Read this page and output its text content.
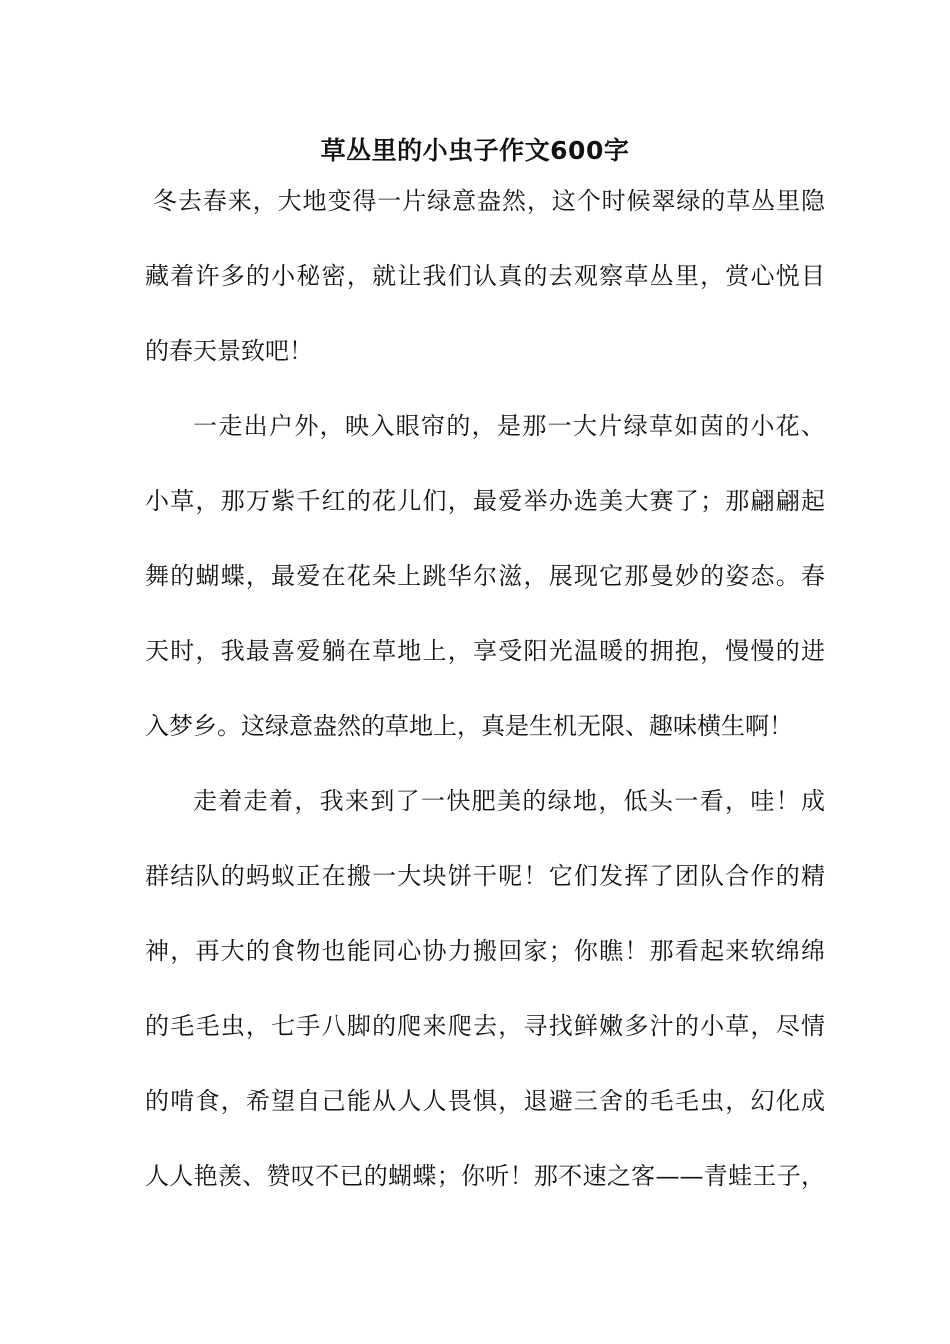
草丛里的小虫子作文600字
冬去春来，大地变得一片绿意盎然，这个时候翠绿的草丛里隐
藏着许多的小秘密，就让我们认真的去观察草丛里，赏心悦目
的春天景致吧！
一走出户外，映入眼帘的，是那一大片绿草如茵的小花、
小草，那万紫千红的花儿们，最爱举办选美大赛了；那翩翩起
舞的蝴蝶，最爱在花朵上跳华尔滋，展现它那曼妙的姿态。春
天时，我最喜爱躺在草地上，享受阳光温暖的拥抱，慢慢的进
入梦乡。这绿意盎然的草地上，真是生机无限、趣味横生啊！
走着走着，我来到了一快肥美的绿地，低头一看，哇！成
群结队的蚂蚁正在搬一大块饼干呢！它们发挥了团队合作的精
神，再大的食物也能同心协力搬回家；你瞧！那看起来软绵绵
的毛毛虫，七手八脚的爬来爬去，寻找鲜嫩多汁的小草，尽情
的啃食，希望自己能从人人畏惧，退避三舍的毛毛虫，幻化成
人人艳羡、赞叹不已的蝴蝶；你听！那不速之客——青蛙王子，
